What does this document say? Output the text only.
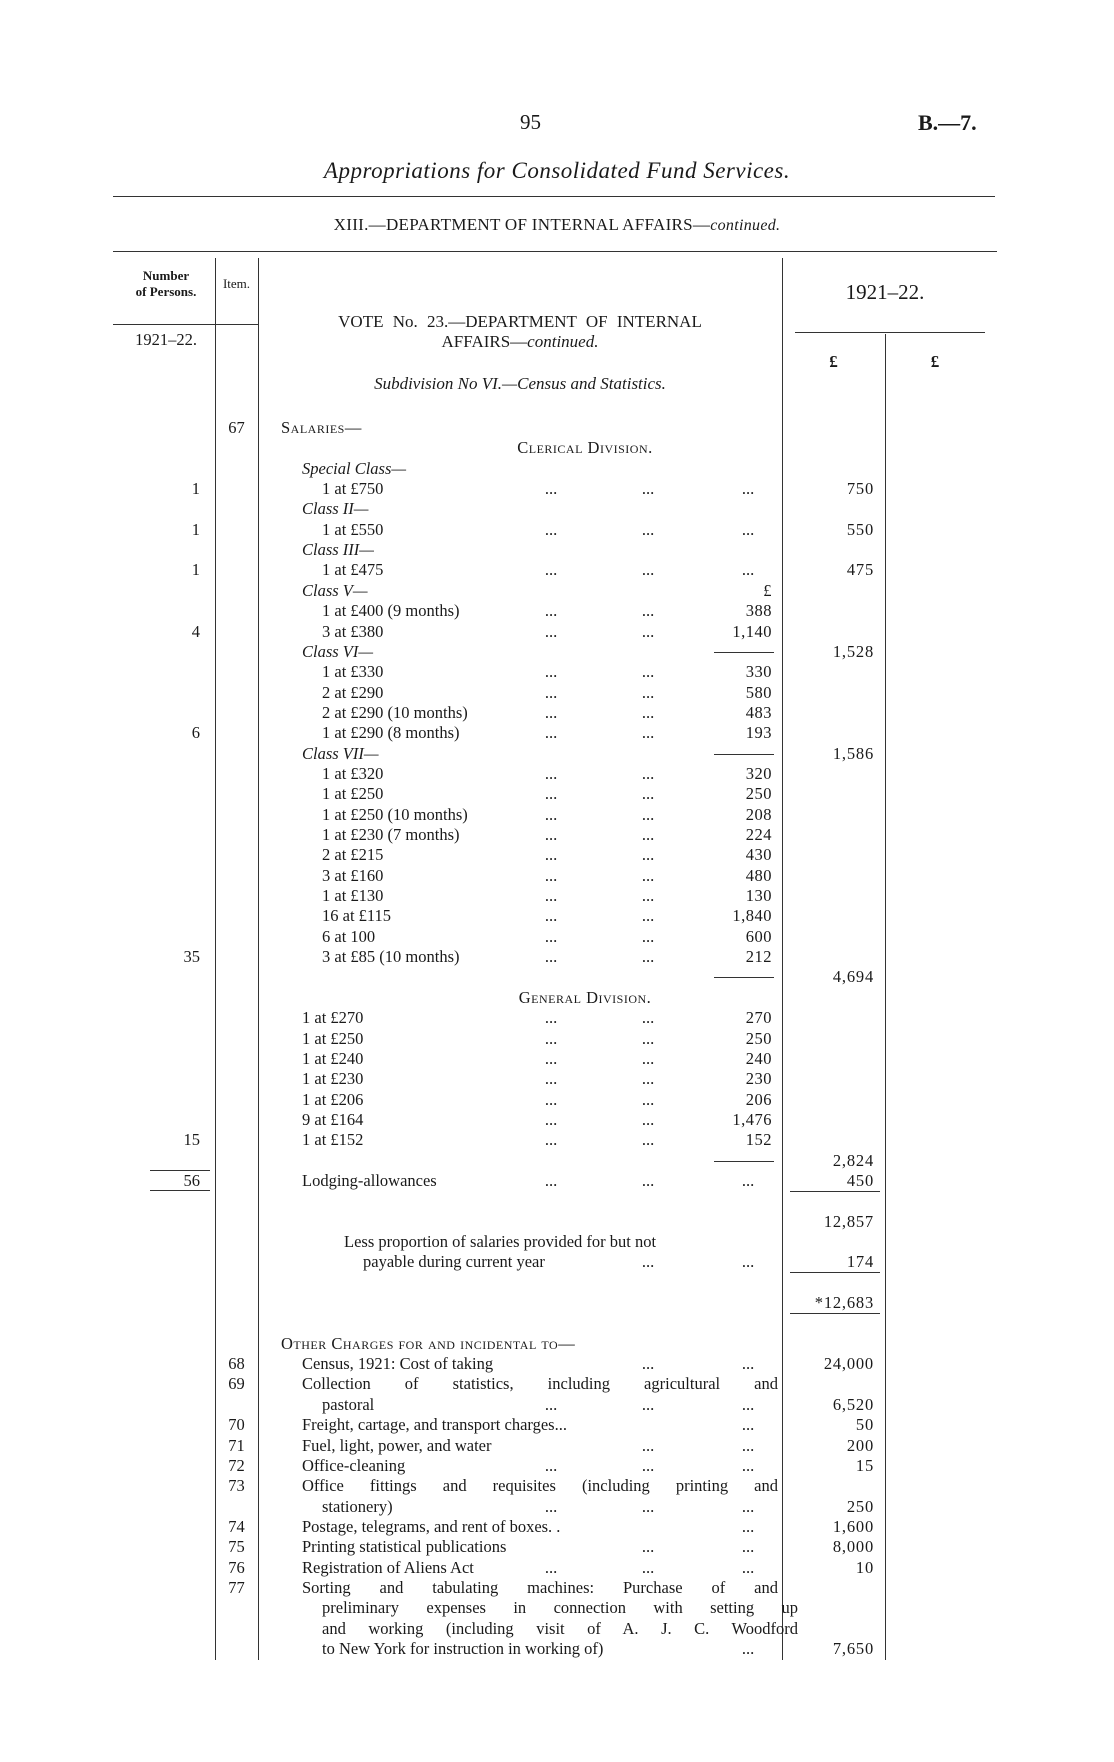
95	B.—7.
Appropriations for Consolidated Fund Services.
XIII.—DEPARTMENT OF INTERNAL AFFAIRS—continued.
Number
of Persons.
Item.
1921–22.
1921–22.
£	£
VOTE No. 23.—DEPARTMENT OF INTERNAL
AFFAIRS—continued.
Subdivision No VI.—Census and Statistics.
67	Salaries—
Clerical Division.
Special Class—
1	1 at £750	...	...	...	750
Class II—
1	1 at £550	...	...	...	550
Class III—
1	1 at £475	...	...	...	475
Class V—	£
1 at £400 (9 months)	...	...	388
4	3 at £380	...	...	1,140
Class VI—	1,528
1 at £330	...	...	330
2 at £290	...	...	580
2 at £290 (10 months)	...	...	483
6	1 at £290 (8 months)	...	...	193
Class VII—	1,586
1 at £320	...	...	320
1 at £250	...	...	250
1 at £250 (10 months)	...	...	208
1 at £230 (7 months)	...	...	224
2 at £215	...	...	430
3 at £160	...	...	480
1 at £130	...	...	130
16 at £115	...	...	1,840
6 at 100	...	...	600
35	3 at £85 (10 months)	...	...	212
4,694
General Division.
1 at £270	...	...	270
1 at £250	...	...	250
1 at £240	...	...	240
1 at £230	...	...	230
1 at £206	...	...	206
9 at £164	...	...	1,476
15	1 at £152	...	...	152
2,824
56	Lodging-allowances	...	...	...	450
12,857
Less proportion of salaries provided for but not
payable during current year	...	...	174
*12,683
Other Charges for and incidental to—
68	Census, 1921: Cost of taking	...	...	24,000
69	Collection of statistics, including agricultural and
pastoral	...	...	...	6,520
70	Freight, cartage, and transport charges...	...	50
71	Fuel, light, power, and water	...	...	200
72	Office-cleaning	...	...	...	15
73	Office fittings and requisites (including printing and
stationery)	...	...	...	250
74	Postage, telegrams, and rent of boxes. .	...	1,600
75	Printing statistical publications	...	...	8,000
76	Registration of Aliens Act	...	...	...	10
77	Sorting and tabulating machines: Purchase of and
preliminary expenses in connection with setting up
and working (including visit of A. J. C. Woodford
to New York for instruction in working of)	...	7,650
